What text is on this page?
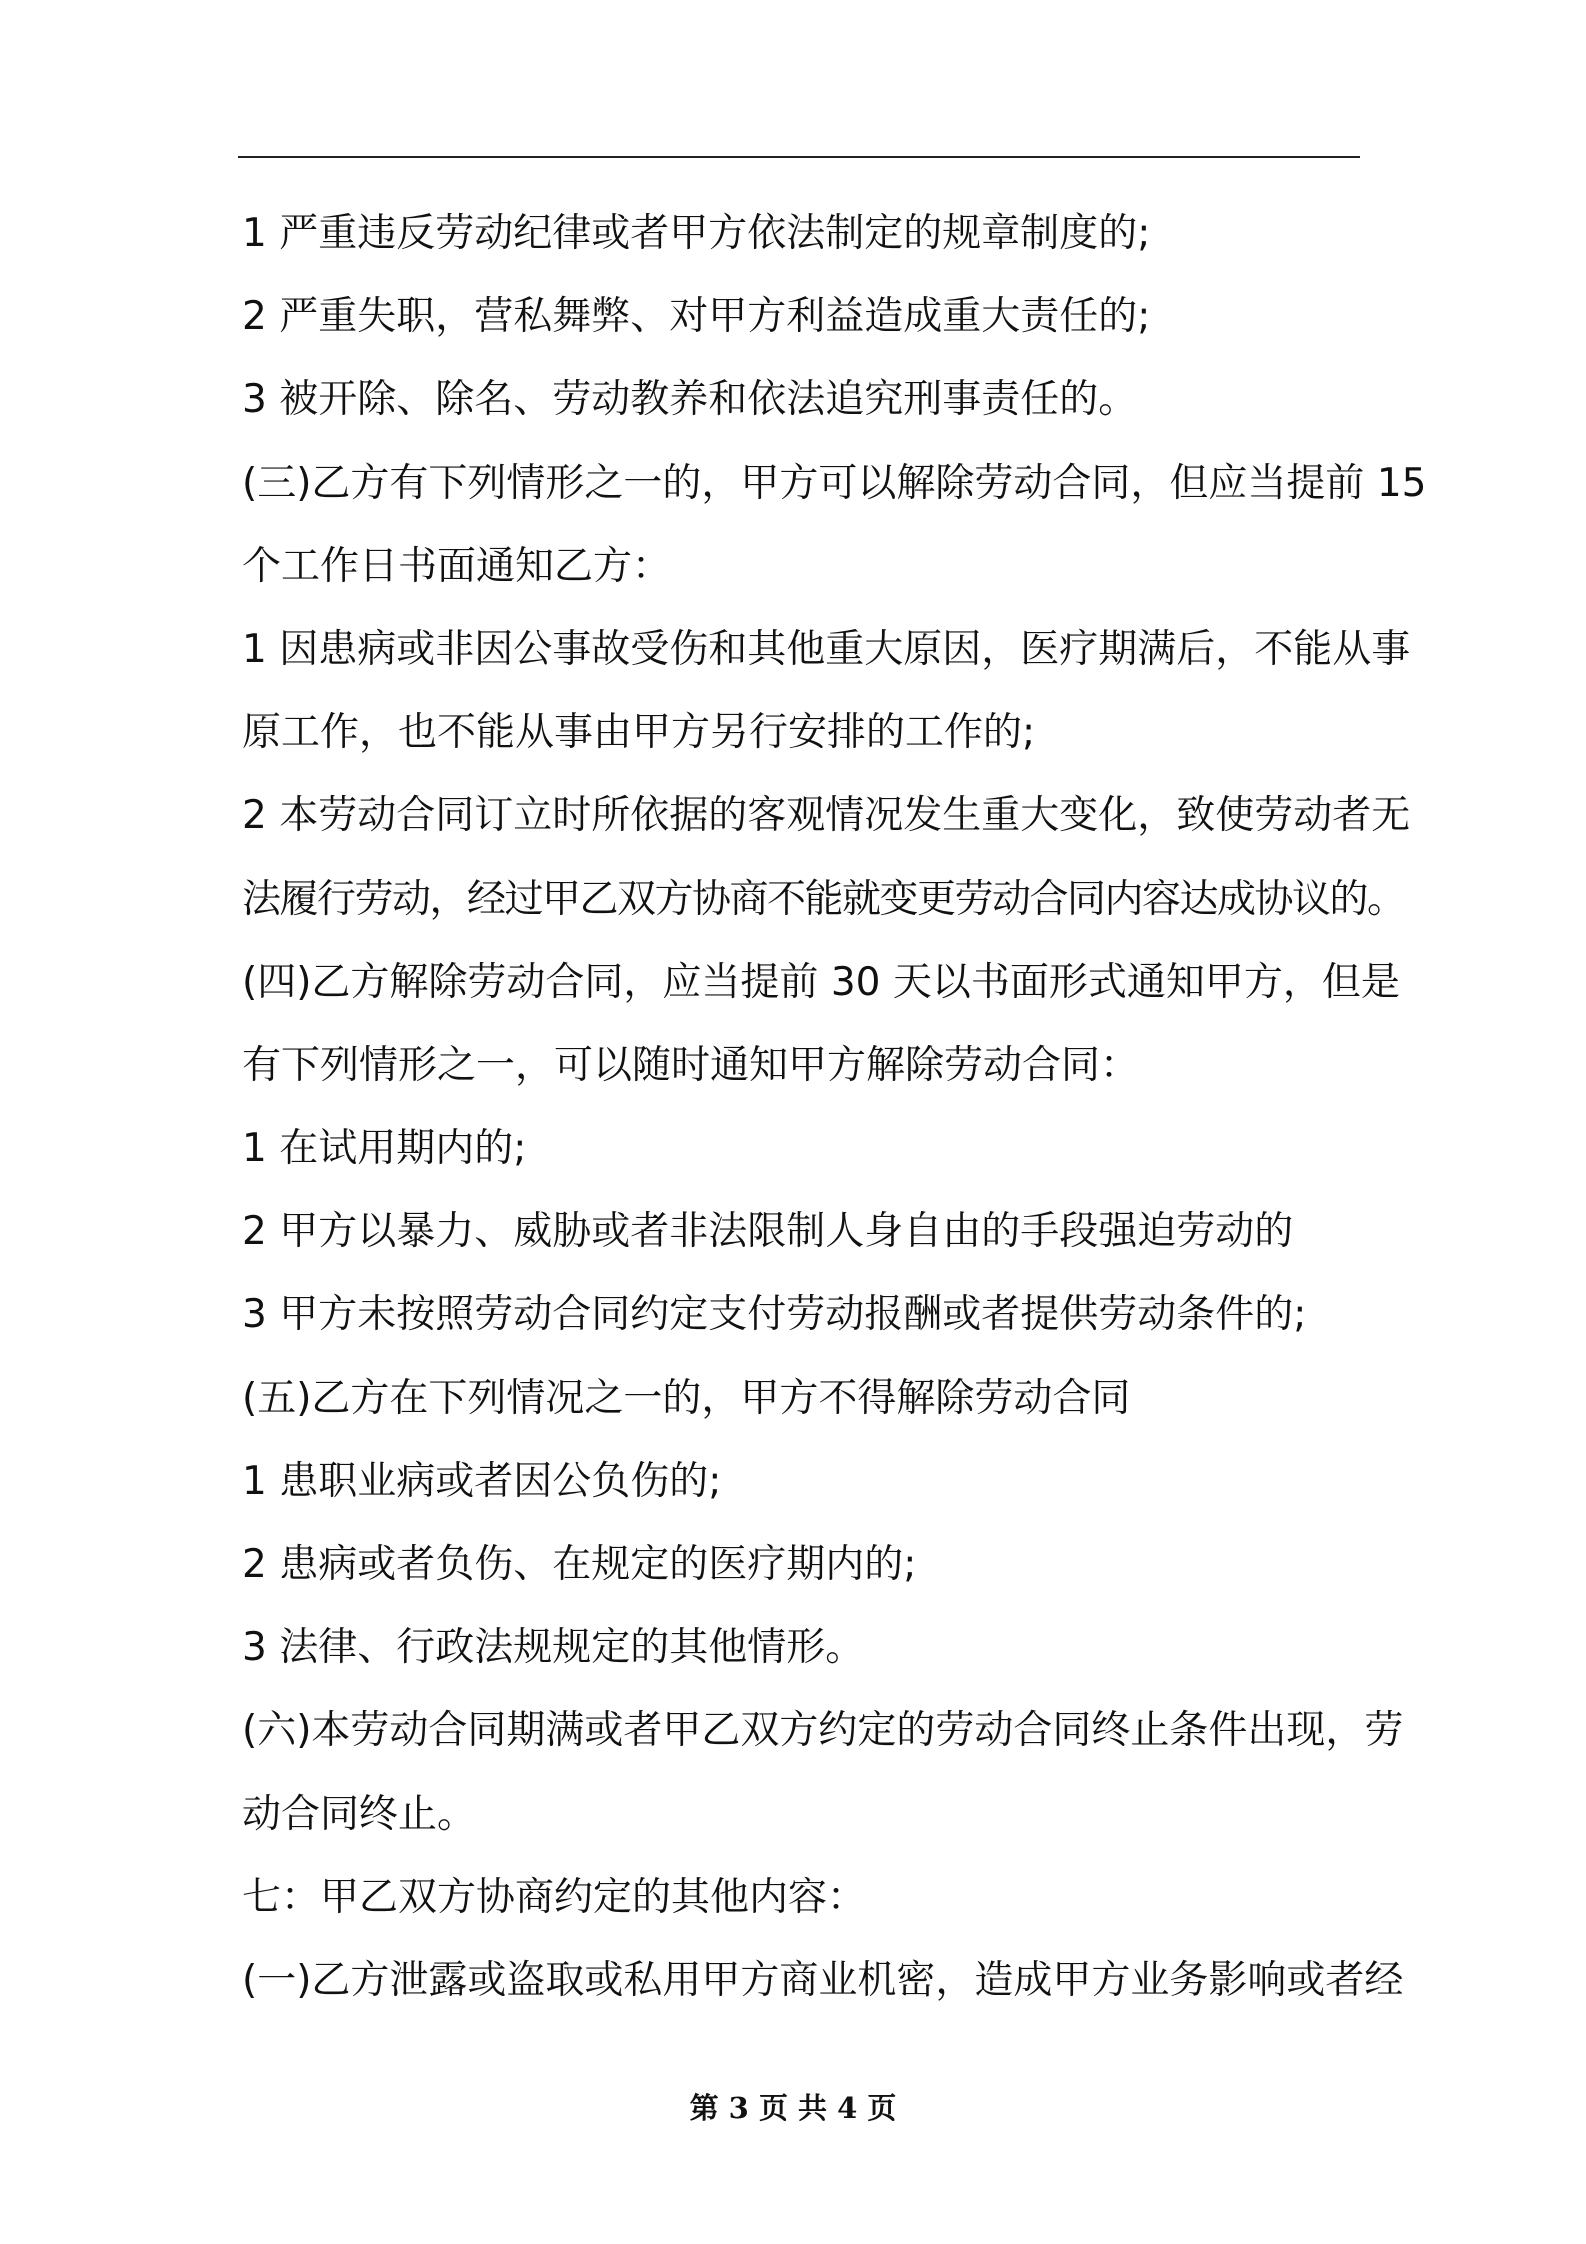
1 严重违反劳动纪律或者甲方依法制定的规章制度的;
2 严重失职，营私舞弊、对甲方利益造成重大责任的;
3 被开除、除名、劳动教养和依法追究刑事责任的。
(三)乙方有下列情形之一的，甲方可以解除劳动合同，但应当提前 15
个工作日书面通知乙方：
1 因患病或非因公事故受伤和其他重大原因，医疗期满后，不能从事
原工作，也不能从事由甲方另行安排的工作的;
2 本劳动合同订立时所依据的客观情况发生重大变化，致使劳动者无
法履行劳动，经过甲乙双方协商不能就变更劳动合同内容达成协议的。
(四)乙方解除劳动合同，应当提前 30 天以书面形式通知甲方，但是
有下列情形之一，可以随时通知甲方解除劳动合同：
1 在试用期内的;
2 甲方以暴力、威胁或者非法限制人身自由的手段强迫劳动的
3 甲方未按照劳动合同约定支付劳动报酬或者提供劳动条件的;
(五)乙方在下列情况之一的，甲方不得解除劳动合同
1 患职业病或者因公负伤的;
2 患病或者负伤、在规定的医疗期内的;
3 法律、行政法规规定的其他情形。
(六)本劳动合同期满或者甲乙双方约定的劳动合同终止条件出现，劳
动合同终止。
七：甲乙双方协商约定的其他内容：
(一)乙方泄露或盗取或私用甲方商业机密，造成甲方业务影响或者经
第 3 页 共 4 页
